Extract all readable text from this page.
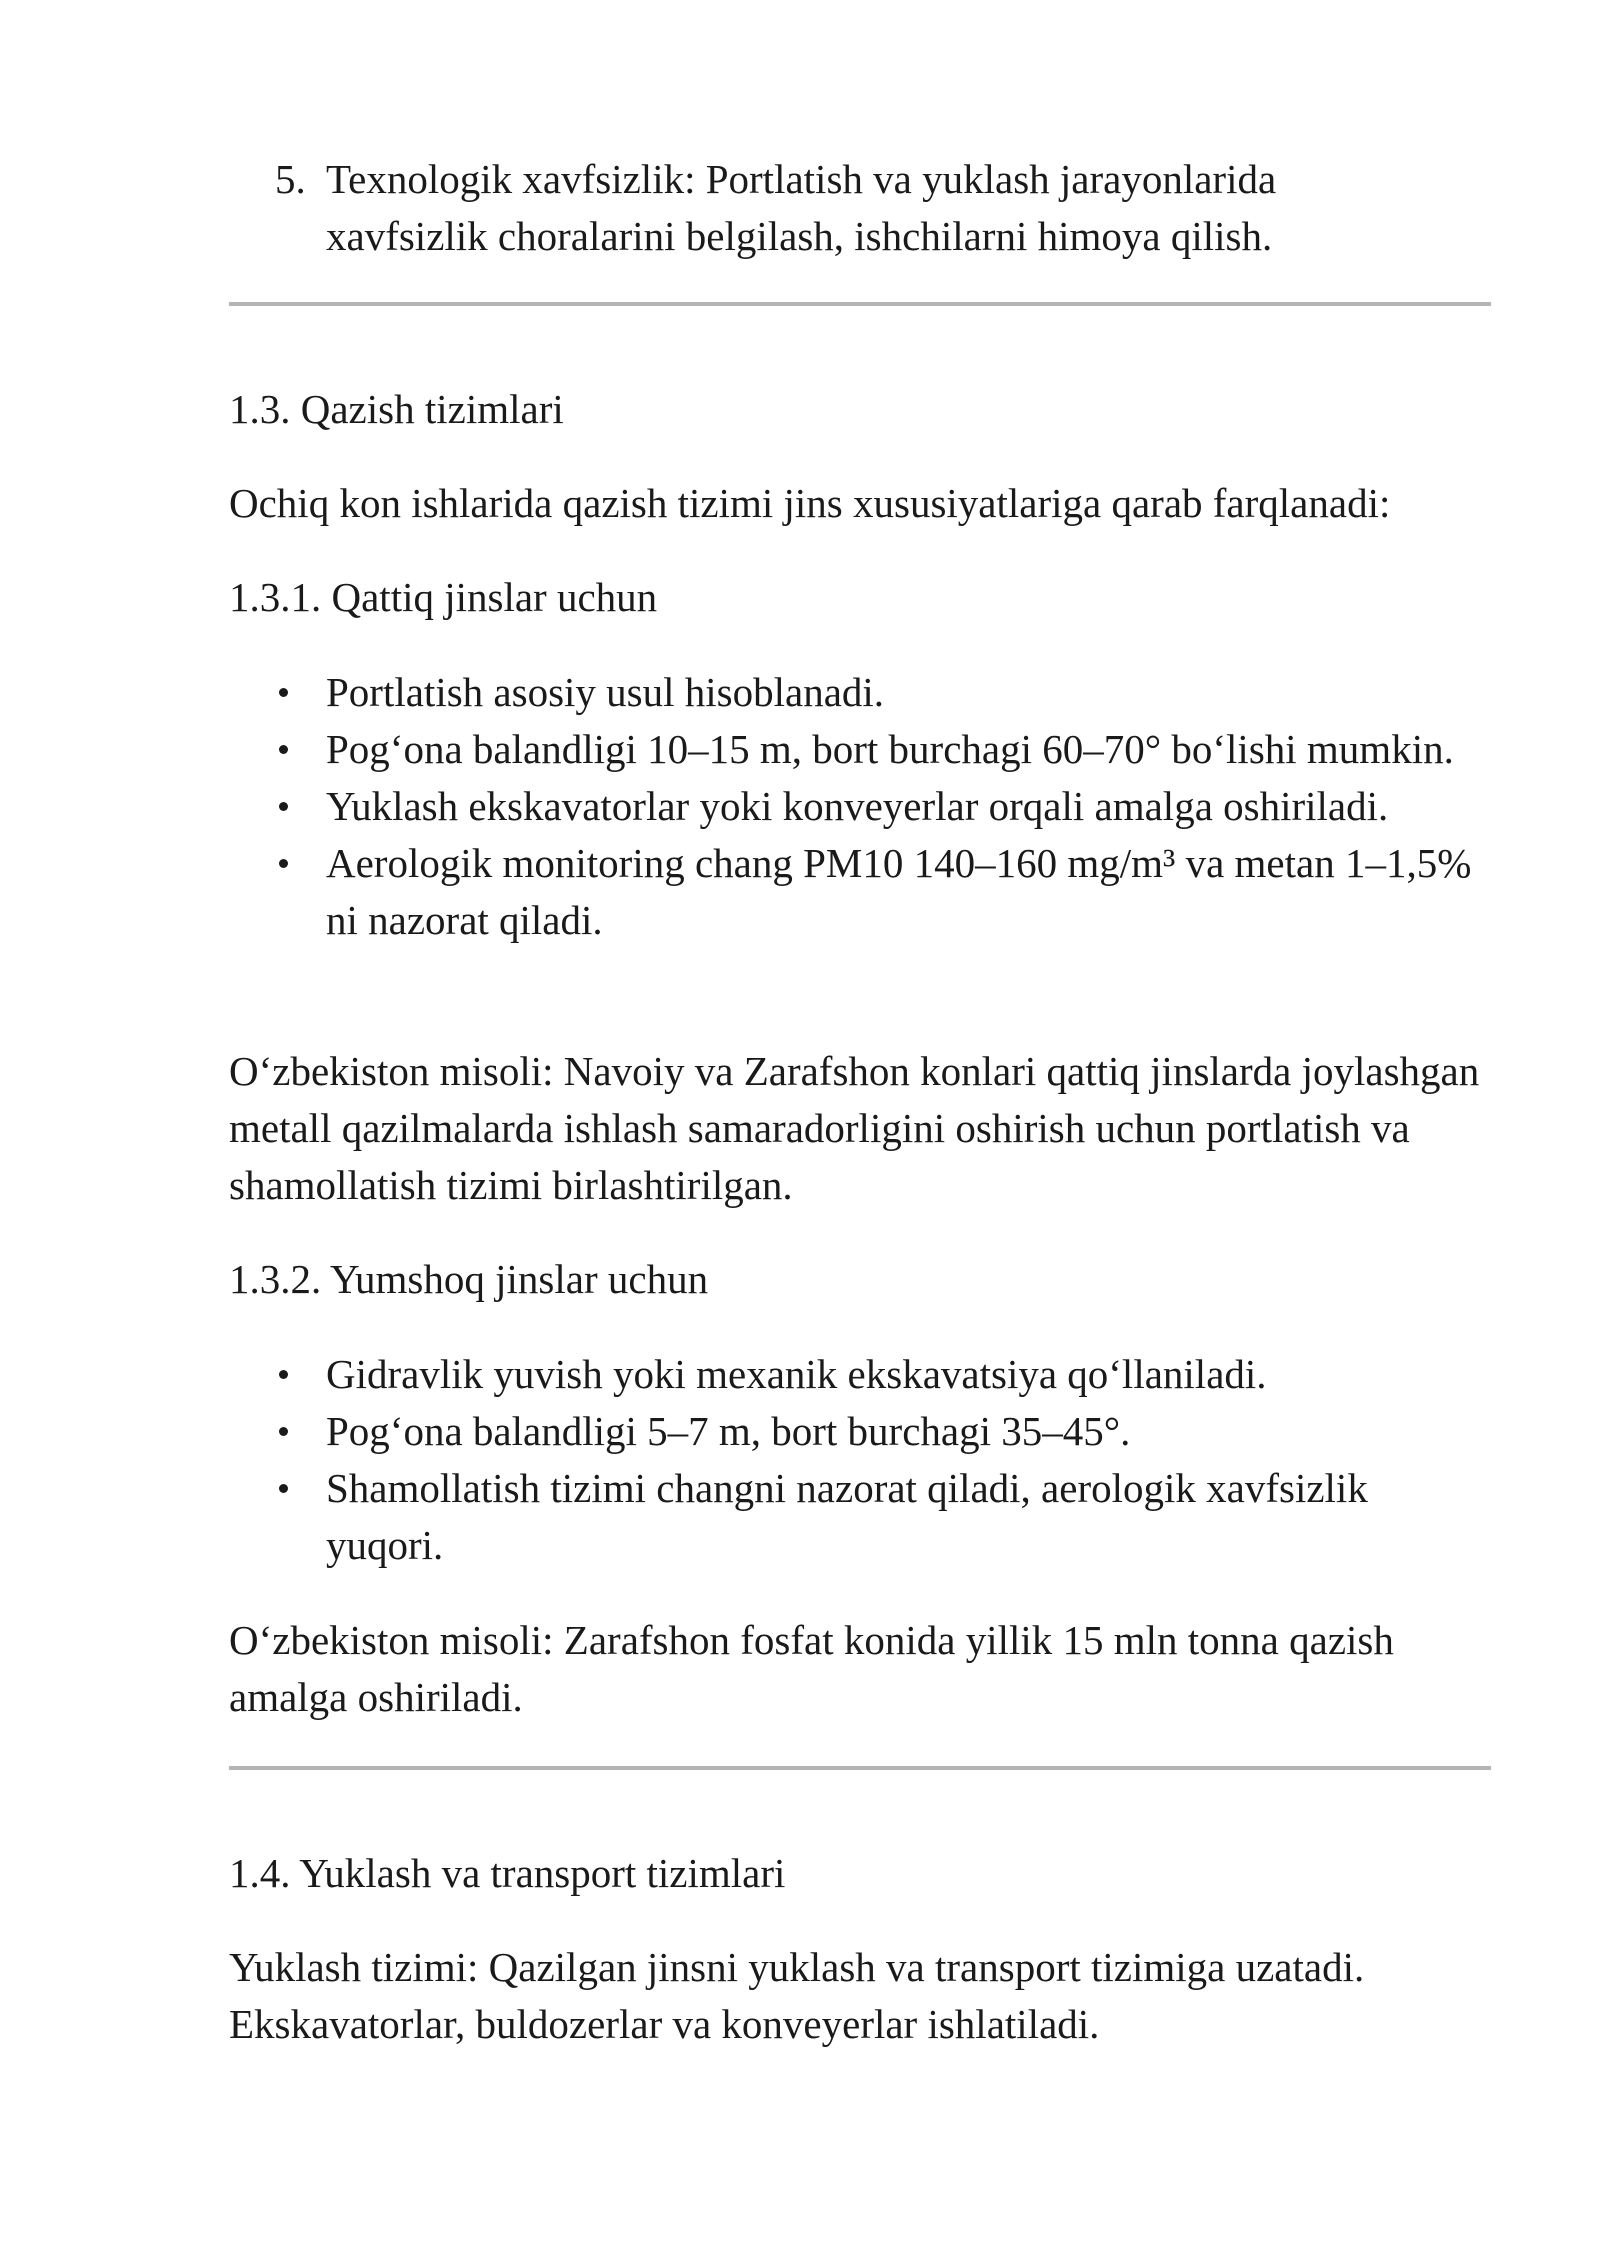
5. Texnologik xavfsizlik: Portlatish va yuklash jarayonlarida xavfsizlik choralarini belgilash, ishchilarni himoya qilish.
1.3. Qazish tizimlari
Ochiq kon ishlarida qazish tizimi jins xususiyatlariga qarab farqlanadi:
1.3.1. Qattiq jinslar uchun
Portlatish asosiy usul hisoblanadi.
Pog‘ona balandligi 10–15 m, bort burchagi 60–70° bo‘lishi mumkin.
Yuklash ekskavatorlar yoki konveyerlar orqali amalga oshiriladi.
Aerologik monitoring chang PM10 140–160 mg/m³ va metan 1–1,5% ni nazorat qiladi.
O‘zbekiston misoli: Navoiy va Zarafshon konlari qattiq jinslarda joylashgan metall qazilmalarda ishlash samaradorligini oshirish uchun portlatish va shamollatish tizimi birlashtirilgan.
1.3.2. Yumshoq jinslar uchun
Gidravlik yuvish yoki mexanik ekskavatsiya qo‘llaniladi.
Pog‘ona balandligi 5–7 m, bort burchagi 35–45°.
Shamollatish tizimi changni nazorat qiladi, aerologik xavfsizlik yuqori.
O‘zbekiston misoli: Zarafshon fosfat konida yillik 15 mln tonna qazish amalga oshiriladi.
1.4. Yuklash va transport tizimlari
Yuklash tizimi: Qazilgan jinsni yuklash va transport tizimiga uzatadi. Ekskavatorlar, buldozerlar va konveyerlar ishlatiladi.
